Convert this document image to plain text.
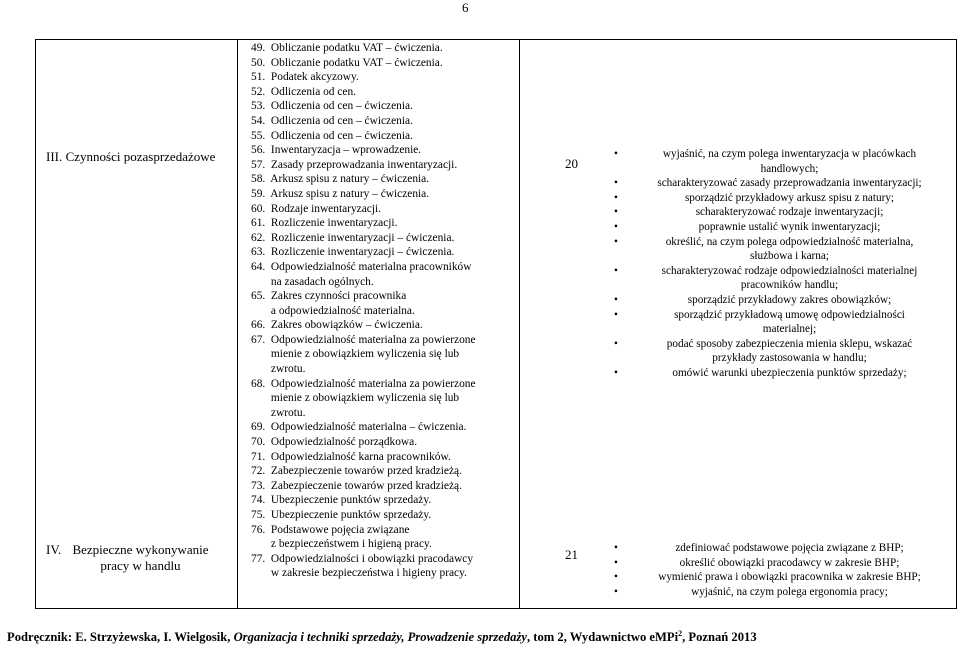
6
III. Czynności pozasprzedażowe	20
IV. Bezpieczne wykonywanie pracy w handlu
21
49.  Obliczanie podatku VAT – ćwiczenia.
50.  Obliczanie podatku VAT – ćwiczenia.
51.  Podatek akcyzowy.
52.  Odliczenia od cen.
53.  Odliczenia od cen – ćwiczenia.
54.  Odliczenia od cen – ćwiczenia.
55.  Odliczenia od cen – ćwiczenia.
56.  Inwentaryzacja – wprowadzenie.
57.  Zasady przeprowadzania inwentaryzacji.
58.  Arkusz spisu z natury – ćwiczenia.
59.  Arkusz spisu z natury – ćwiczenia.
60.  Rodzaje inwentaryzacji.
61.  Rozliczenie inwentaryzacji.
62.  Rozliczenie inwentaryzacji – ćwiczenia.
63.  Rozliczenie inwentaryzacji – ćwiczenia.
64.  Odpowiedzialność materialna pracowników
na zasadach ogólnych.
65.  Zakres czynności pracownika
a odpowiedzialność materialna.
66.  Zakres obowiązków – ćwiczenia.
67.  Odpowiedzialność materialna za powierzone
mienie z obowiązkiem wyliczenia się lub
zwrotu.
68.  Odpowiedzialność materialna za powierzone
mienie z obowiązkiem wyliczenia się lub
zwrotu.
69.  Odpowiedzialność materialna – ćwiczenia.
70.  Odpowiedzialność porządkowa.
71.  Odpowiedzialność karna pracowników.
72.  Zabezpieczenie towarów przed kradzieżą.
73.  Zabezpieczenie towarów przed kradzieżą.
74.  Ubezpieczenie punktów sprzedaży.
75.  Ubezpieczenie punktów sprzedaży.
76.  Podstawowe pojęcia związane
z bezpieczeństwem i higieną pracy.
77.  Odpowiedzialności i obowiązki pracodawcy
w zakresie bezpieczeństwa i higieny pracy.
• wyjaśnić, na czym polega inwentaryzacja w placówkach
handlowych;
• scharakteryzować zasady przeprowadzania inwentaryzacji;
• sporządzić przykładowy arkusz spisu z natury;
• scharakteryzować rodzaje inwentaryzacji;
• poprawnie ustalić wynik inwentaryzacji;
• określić, na czym polega odpowiedzialność materialna,
służbowa i karna;
• scharakteryzować rodzaje odpowiedzialności materialnej
pracowników handlu;
• sporządzić przykładowy zakres obowiązków;
• sporządzić przykładową umowę odpowiedzialności
materialnej;
• podać sposoby zabezpieczenia mienia sklepu, wskazać
przykłady zastosowania w handlu;
• omówić warunki ubezpieczenia punktów sprzedaży;
• zdefiniować podstawowe pojęcia związane z BHP;
• określić obowiązki pracodawcy w zakresie BHP;
• wymienić prawa i obowiązki pracownika w zakresie BHP;
• wyjaśnić, na czym polega ergonomia pracy;
Podręcznik: E. Strzyżewska, I. Wielgosik, Organizacja i techniki sprzedaży, Prowadzenie sprzedaży, tom 2, Wydawnictwo eMPi$^2$, Poznań 2013
